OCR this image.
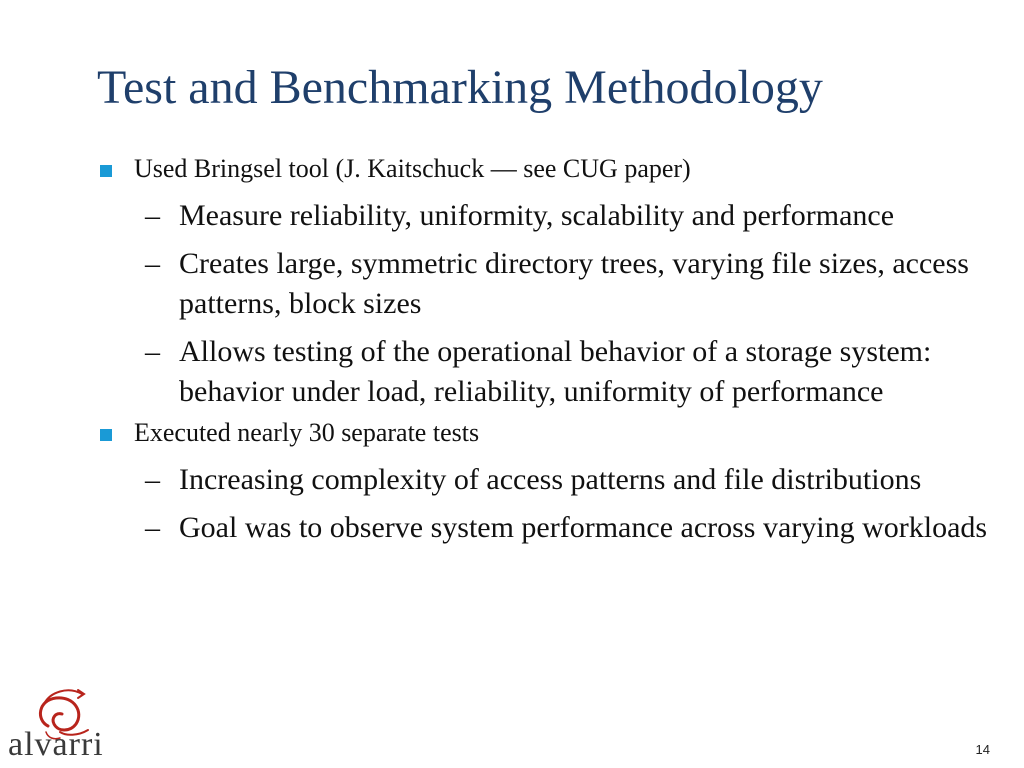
Test and Benchmarking Methodology
Used Bringsel tool (J. Kaitschuck — see CUG paper)
– Measure reliability, uniformity, scalability and performance
– Creates large, symmetric directory trees, varying file sizes, access patterns, block sizes
– Allows testing of the operational behavior of a storage system: behavior under load, reliability, uniformity of performance
Executed nearly 30 separate tests
– Increasing complexity of access patterns and file distributions
– Goal was to observe system performance across varying workloads
alvarri	14
